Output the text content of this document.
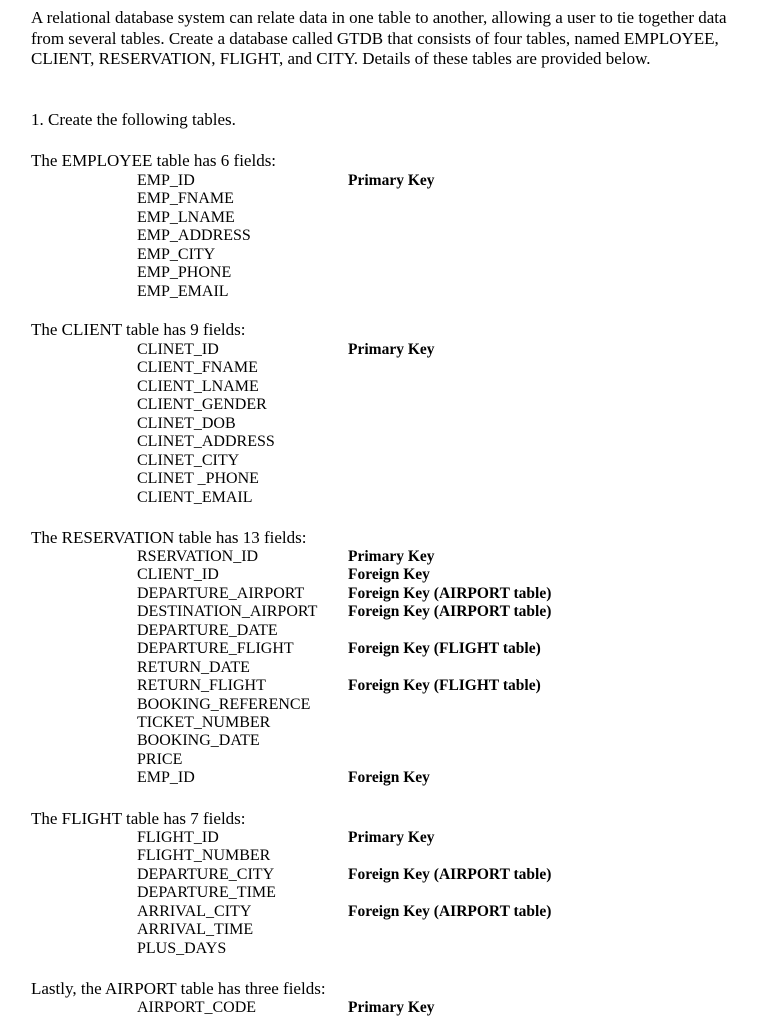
A relational database system can relate data in one table to another, allowing a user to tie together data from several tables. Create a database called GTDB that consists of four tables, named EMPLOYEE, CLIENT, RESERVATION, FLIGHT, and CITY. Details of these tables are provided below.

1. Create the following tables.

The EMPLOYEE table has 6 fields:

EMP_ID	Primary Key
EMP_FNAME
EMP_LNAME
EMP_ADDRESS
EMP_CITY
EMP_PHONE
EMP_EMAIL

The CLIENT table has 9 fields:

CLINET_ID	Primary Key
CLIENT_FNAME
CLIENT_LNAME
CLIENT_GENDER
CLINET_DOB
CLINET_ADDRESS
CLINET_CITY
CLINET _PHONE
CLIENT_EMAIL

The RESERVATION table has 13 fields:

RSERVATION_ID	Primary Key
CLIENT_ID	Foreign Key
DEPARTURE_AIRPORT	Foreign Key (AIRPORT table)
DESTINATION_AIRPORT Foreign Key (AIRPORT table)
DEPARTURE_DATE
DEPARTURE_FLIGHT	Foreign Key (FLIGHT table)
RETURN_DATE
RETURN_FLIGHT	Foreign Key (FLIGHT table)
BOOKING_REFERENCE
TICKET_NUMBER
BOOKING_DATE
PRICE
EMP_ID	Foreign Key

The FLIGHT table has 7 fields:

FLIGHT_ID	Primary Key
FLIGHT_NUMBER
DEPARTURE_CITY	Foreign Key (AIRPORT table)
DEPARTURE_TIME
ARRIVAL_CITY	Foreign Key (AIRPORT table)
ARRIVAL_TIME
PLUS_DAYS

Lastly, the AIRPORT table has three fields:

AIRPORT_CODE	Primary Key
